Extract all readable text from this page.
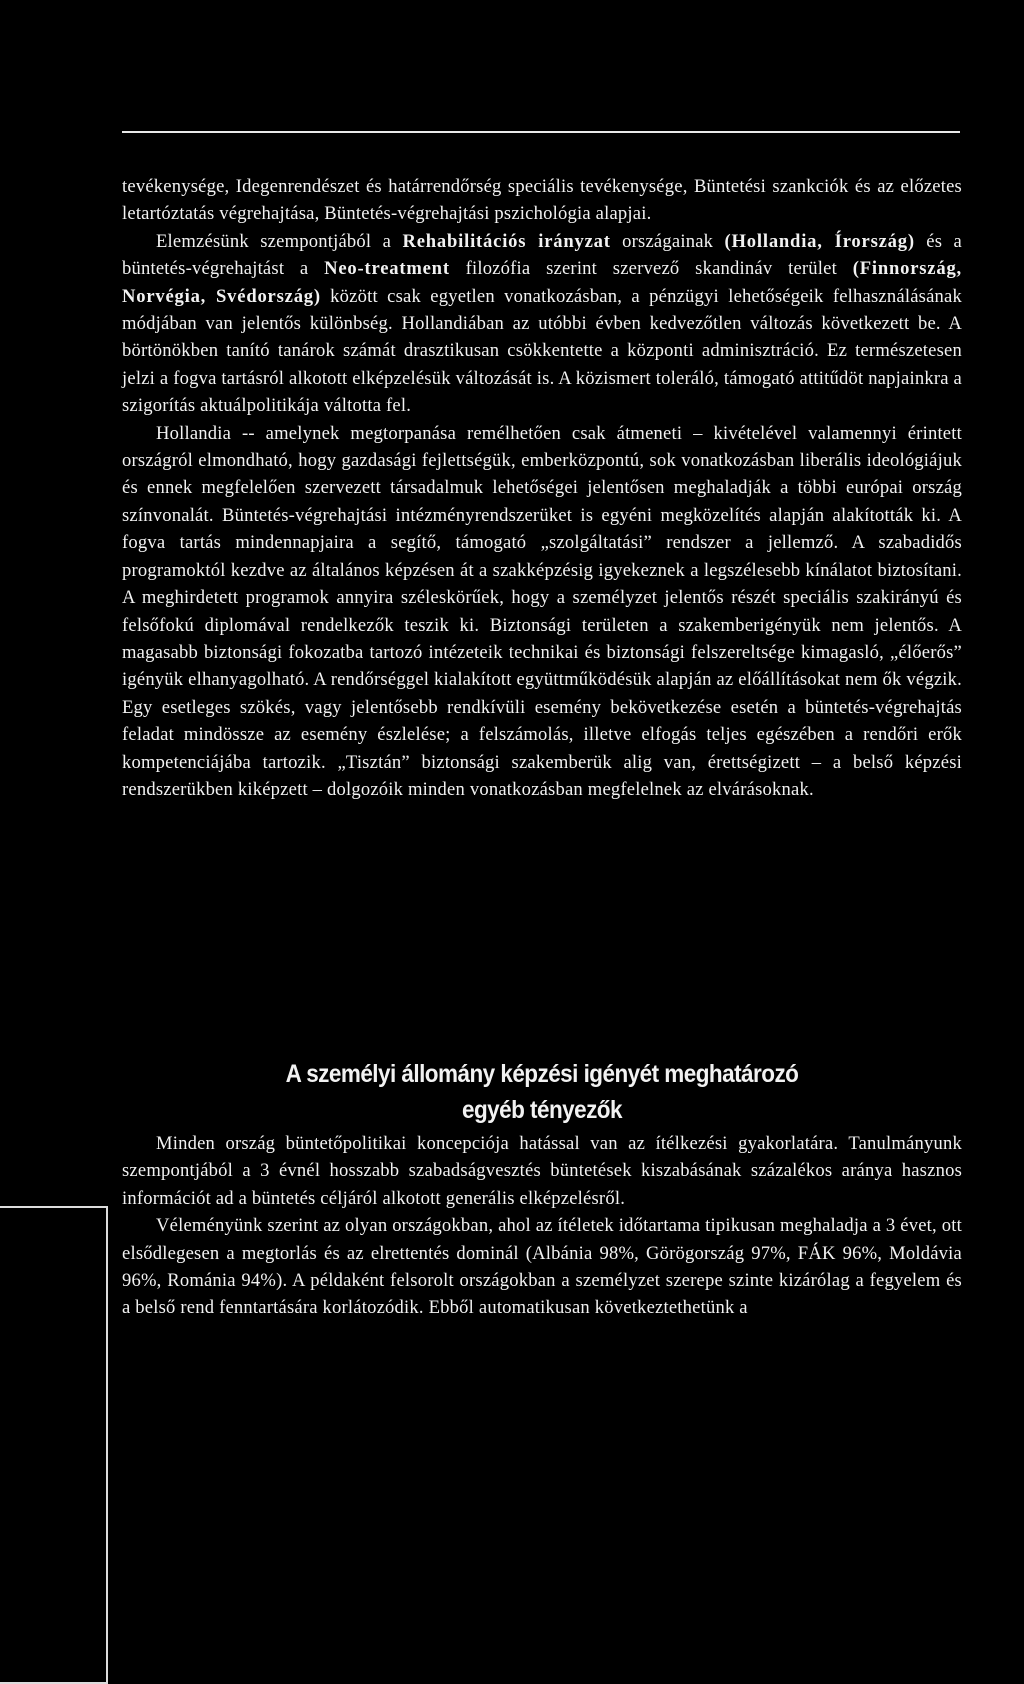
tevékenysége, Idegenrendészet és határrendőrség speciális tevékenysége, Büntetési szankciók és az előzetes letartóztatás végrehajtása, Büntetés-végrehajtási pszichológia alapjai.

Elemzésünk szempontjából a Rehabilitációs irányzat országainak (Hollandia, Írország) és a büntetés-végrehajtást a Neo-treatment filozófia szerint szervező skandináv terület (Finnország, Norvégia, Svédország) között csak egyetlen vonatkozásban, a pénzügyi lehetőségeik felhasználásának módjában van jelentős különbség. Hollandiában az utóbbi évben kedvezőtlen változás következett be. A börtönökben tanító tanárok számát drasztikusan csökkentette a központi adminisztráció. Ez természetesen jelzi a fogva tartásról alkotott elképzelésük változását is. A közismert toleráló, támogató attitűdöt napjainkra a szigorítás aktuálpolitikája váltotta fel.

Hollandia -- amelynek megtorpanása remélhetően csak átmeneti – kivételével valamennyi érintett országról elmondható, hogy gazdasági fejlettségük, emberközpontú, sok vonatkozásban liberális ideológiájuk és ennek megfelelően szervezett társadalmuk lehetőségei jelentősen meghaladják a többi európai ország színvonalát. Büntetés-végrehajtási intézményrendszerüket is egyéni megközelítés alapján alakították ki. A fogva tartás mindennapjaira a segítő, támogató „szolgáltatási” rendszer a jellemző. A szabadidős programoktól kezdve az általános képzésen át a szakképzésig igyekeznek a legszélesebb kínálatot biztosítani. A meghirdetett programok annyira széleskörűek, hogy a személyzet jelentős részét speciális szakirányú és felsőfokú diplomával rendelkezők teszik ki. Biztonsági területen a szakemberigényük nem jelentős. A magasabb biztonsági fokozatba tartozó intézeteik technikai és biztonsági felszereltsége kimagasló, „élőerős” igényük elhanyagolható. A rendőrséggel kialakított együttműködésük alapján az előállításokat nem ők végzik. Egy esetleges szökés, vagy jelentősebb rendkívüli esemény bekövetkezése esetén a büntetés-végrehajtás feladat mindössze az esemény észlelése; a felszámolás, illetve elfogás teljes egészében a rendőri erők kompetenciájába tartozik. „Tisztán” biztonsági szakemberük alig van, érettségizett – a belső képzési rendszerükben kiképzett – dolgozóik minden vonatkozásban megfelelnek az elvárásoknak.

A személyi állomány képzési igényét meghatározó
egyéb tényezők

Minden ország büntetőpolitikai koncepciója hatással van az ítélkezési gyakorlatára. Tanulmányunk szempontjából a 3 évnél hosszabb szabadságvesztés büntetések kiszabásának százalékos aránya hasznos információt ad a büntetés céljáról alkotott generális elképzelésről.

Véleményünk szerint az olyan országokban, ahol az ítéletek időtartama tipikusan meghaladja a 3 évet, ott elsődlegesen a megtorlás és az elrettentés dominál (Albánia 98%, Görögország 97%, FÁK 96%, Moldávia 96%, Románia 94%). A példaként felsorolt országokban a személyzet szerepe szinte kizárólag a fegyelem és a belső rend fenntartására korlátozódik. Ebből automatikusan következtethetünk a
